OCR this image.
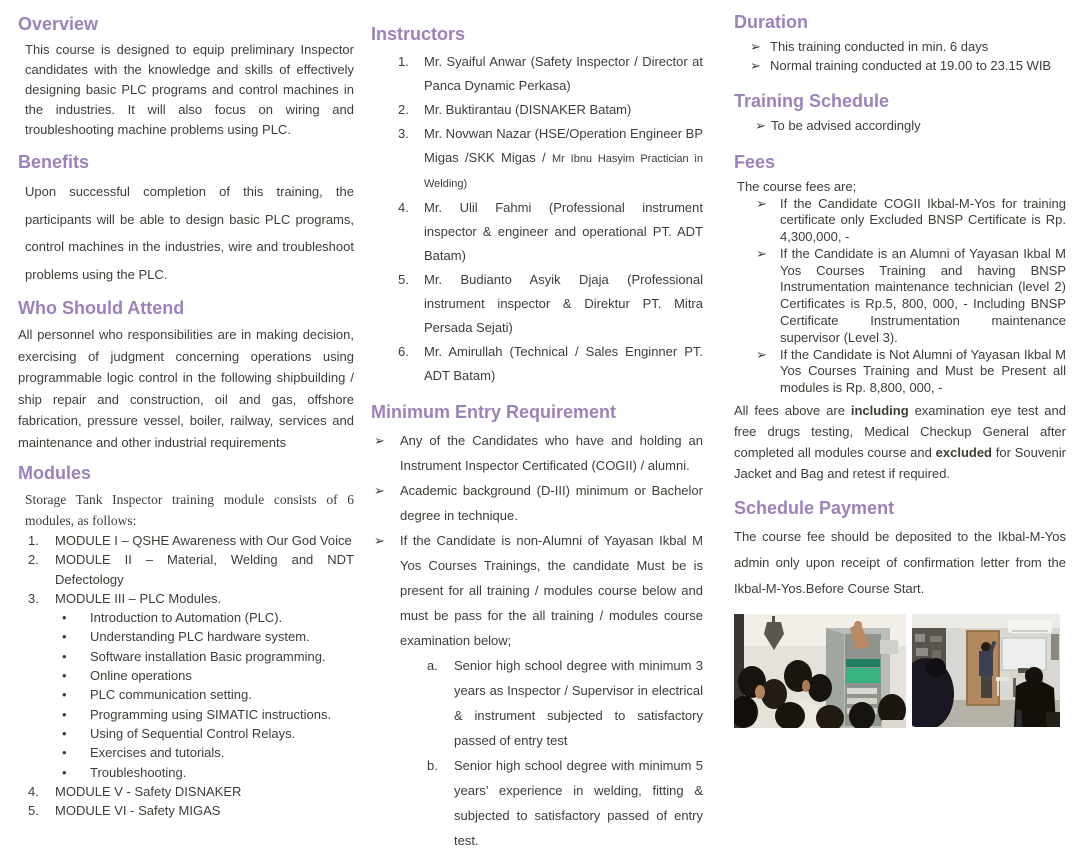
Overview

This course is designed to equip preliminary Inspector candidates with the knowledge and skills of effectively designing basic PLC programs and control machines in the industries. It will also focus on wiring and troubleshooting machine problems using PLC.

Benefits

Upon successful completion of this training, the participants will be able to design basic PLC programs, control machines in the industries, wire and troubleshoot problems using the PLC.

Who Should Attend

All personnel who responsibilities are in making decision, exercising of judgment concerning operations using programmable logic control in the following shipbuilding / ship repair and construction, oil and gas, offshore fabrication, pressure vessel, boiler, railway, services and maintenance and other industrial requirements

Modules

Storage Tank Inspector training module consists of 6 modules, as follows:

1.	MODULE I – QSHE Awareness with Our God Voice
2.	MODULE II – Material, Welding and NDT Defectology
3.	MODULE III – PLC Modules.
•	Introduction to Automation (PLC).
•	Understanding PLC hardware system.
•	Software installation Basic programming.
•	Online operations
•	PLC communication setting.
•	Programming using SIMATIC instructions.
•	Using of Sequential Control Relays.
•	Exercises and tutorials.
•	Troubleshooting.
4.	MODULE V - Safety DISNAKER
5.	MODULE VI - Safety MIGAS
Instructors
1.	Mr. Syaiful Anwar (Safety Inspector / Director at Panca Dynamic Perkasa)
2.	Mr. Buktirantau (DISNAKER Batam)
3.	Mr. Novwan Nazar (HSE/Operation Engineer BP Migas /SKK Migas / Mr Ibnu Hasyim Practician in Welding)
4.	Mr. Ulil Fahmi (Professional instrument inspector & engineer and operational PT. ADT Batam)
5.	Mr. Budianto Asyik Djaja (Professional instrument inspector & Direktur PT. Mitra Persada Sejati)
6.	Mr. Amirullah (Technical / Sales Enginner PT. ADT Batam)
Minimum Entry Requirement
➢	Any of the Candidates who have and holding an Instrument Inspector Certificated (COGII) / alumni.
➢	Academic background (D-III) minimum or Bachelor degree in technique.
➢	If the Candidate is non-Alumni of Yayasan Ikbal M Yos Courses Trainings, the candidate Must be is present for all training / modules course below and must be pass for the all training / modules course examination below;
a.	Senior high school degree with minimum 3 years as Inspector / Supervisor in electrical & instrument subjected to satisfactory passed of entry test
b.	Senior high school degree with minimum 5 years’ experience in welding, fitting & subjected to satisfactory passed of entry test.
Duration
➢ This training conducted in min. 6 days
➢ Normal training conducted at 19.00 to 23.15 WIB
Training Schedule
➢ To be advised accordingly
Fees

The course fees are;

➢	If the Candidate COGII Ikbal-M-Yos for training certificate only Excluded BNSP Certificate is Rp. 4,300,000, -
➢	If the Candidate is an Alumni of Yayasan Ikbal M Yos Courses Training and having BNSP Instrumentation maintenance technician (level 2) Certificates is Rp.5, 800, 000, - Including BNSP Certificate Instrumentation maintenance supervisor (Level 3).
➢	If the Candidate is Not Alumni of Yayasan Ikbal M Yos Courses Training and Must be Present all modules is Rp. 8,800, 000, -

All fees above are including examination eye test and free drugs testing, Medical Checkup General after completed all modules course and excluded for Souvenir Jacket and Bag and retest if required.

Schedule Payment

The course fee should be deposited to the Ikbal-M-Yos admin only upon receipt of confirmation letter from the Ikbal-M-Yos.Before Course Start.
